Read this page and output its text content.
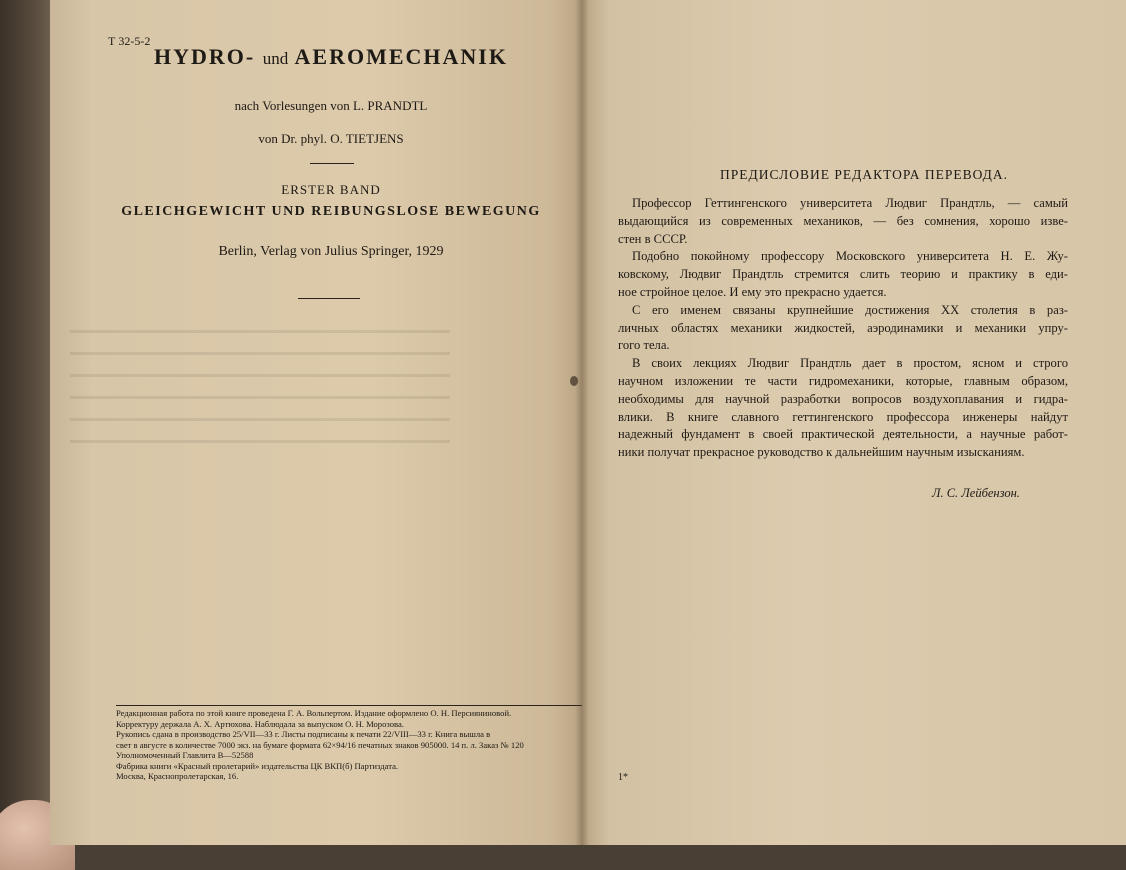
Т 32-5-2
HYDRO- und AEROMECHANIK
nach Vorlesungen von L. PRANDTL
von Dr. phyl. O. TIETJENS
ERSTER BAND
GLEICHGEWICHT UND REIBUNGSLOSE BEWEGUNG
Berlin, Verlag von Julius Springer, 1929
Редакционная работа по этой книге проведена Г. А. Вольпертом. Издание оформлено О. Н. Персияниновой.
Корректуру держала А. Х. Артюхова. Наблюдала за выпуском О. Н. Морозова.
Рукопись сдана в производство 25/VII—33 г. Листы подписаны к печати 22/VIII—33 г. Книга вышла в
свет в августе в количестве 7000 экз. на бумаге формата 62×94/16 печатных знаков 905000. 14 п. л. Заказ № 120
Уполномоченный Главлита В—52588
Фабрика книги «Красный пролетарий» издательства ЦК ВКП(б) Партиздата.
Москва, Краснопролетарская, 16.
ПРЕДИСЛОВИЕ РЕДАКТОРА ПЕРЕВОДА.
Профессор Геттингенского университета Людвиг Прандтль, — самый
выдающийся из современных механиков, — без сомнения, хорошо изве-
стен в СССР.
Подобно покойному профессору Московского университета Н. Е. Жу-
ковскому, Людвиг Прандтль стремится слить теорию и практику в еди-
ное стройное целое. И ему это прекрасно удается.
С его именем связаны крупнейшие достижения XX столетия в раз-
личных областях механики жидкостей, аэродинамики и механики упру-
гого тела.
В своих лекциях Людвиг Прандтль дает в простом, ясном и строго
научном изложении те части гидромеханики, которые, главным образом,
необходимы для научной разработки вопросов воздухоплавания и гидра-
влики. В книге славного геттингенского профессора инженеры найдут
надежный фундамент в своей практической деятельности, а научные работ-
ники получат прекрасное руководство к дальнейшим научным изысканиям.
Л. С. Лейбензон.
1*
